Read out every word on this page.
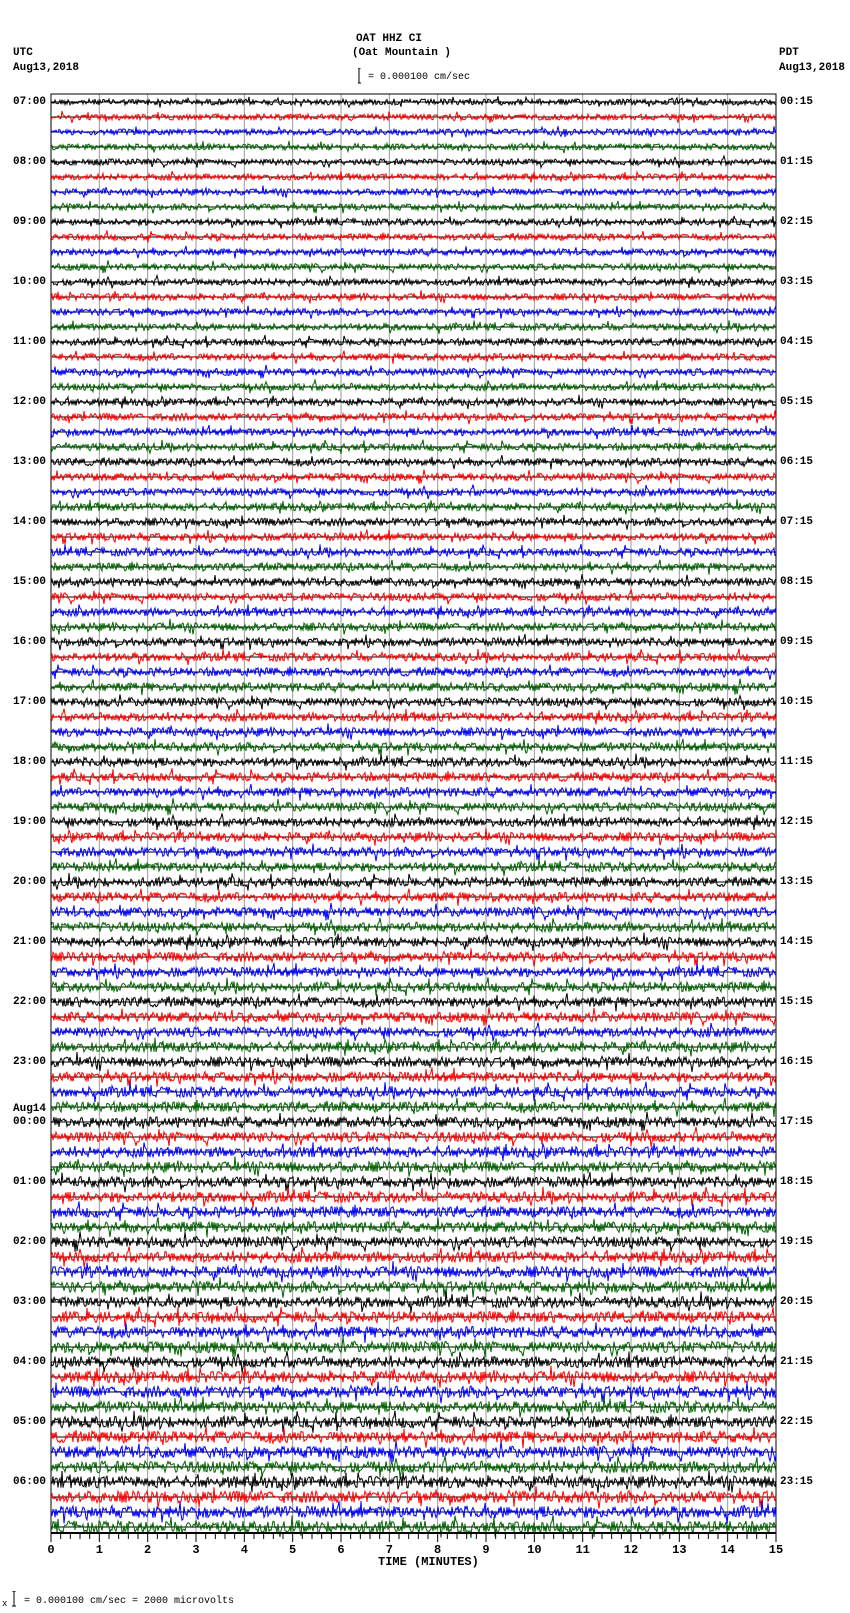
OAT HHZ CI
(Oat Mountain )
UTC
Aug13,2018
PDT
Aug13,2018
= 0.000100 cm/sec
07:00
08:00
09:00
10:00
11:00
12:00
13:00
14:00
15:00
16:00
17:00
18:00
19:00
20:00
21:00
22:00
23:00
00:00
Aug14
01:00
02:00
03:00
04:00
05:00
06:00
00:15
01:15
02:15
03:15
04:15
05:15
06:15
07:15
08:15
09:15
10:15
11:15
12:15
13:15
14:15
15:15
16:15
17:15
18:15
19:15
20:15
21:15
22:15
23:15
0	1	2	3	4	5	6	7	8	9	10	11	12	13	14	15
TIME (MINUTES)
x = 0.000100 cm/sec = 2000 microvolts
